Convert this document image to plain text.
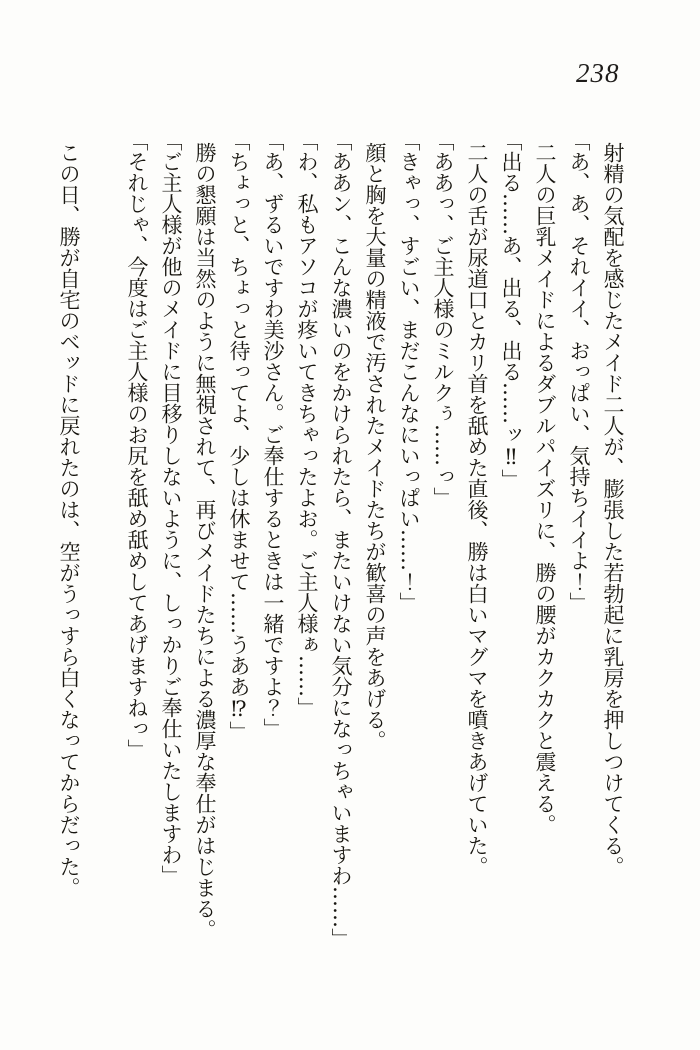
238

射精の気配を感じたメイド二人が、膨張した若勃起に乳房を押しつけてくる。

「あ、あ、それイイ、おっぱい、気持ちイイよ！」

二人の巨乳メイドによるダブルパイズリに、勝の腰がカクカクと震える。

「出る……あ、出る、出る……ッ‼」

二人の舌が尿道口とカリ首を舐めた直後、勝は白いマグマを噴きあげていた。

「ああっ、ご主人様のミルクぅ……っ」

「きゃっ、すごい、まだこんなにいっぱい……！」

顔と胸を大量の精液で汚されたメイドたちが歓喜の声をあげる。

「ああン、こんな濃いのをかけられたら、またいけない気分になっちゃいますわ……」

「わ、私もアソコが疼いてきちゃったよお。ご主人様ぁ……」

「あ、ずるいですわ美沙さん。ご奉仕するときは一緒ですよ？」

「ちょっと、ちょっと待ってよ、少しは休ませて……うああ⁉」

勝の懇願は当然のように無視されて、再びメイドたちによる濃厚な奉仕がはじまる。

「ご主人様が他のメイドに目移りしないように、しっかりご奉仕いたしますわ」

「それじゃ、今度はご主人様のお尻を舐め舐めしてあげますねっ」

この日、勝が自宅のベッドに戻れたのは、空がうっすら白くなってからだった。
